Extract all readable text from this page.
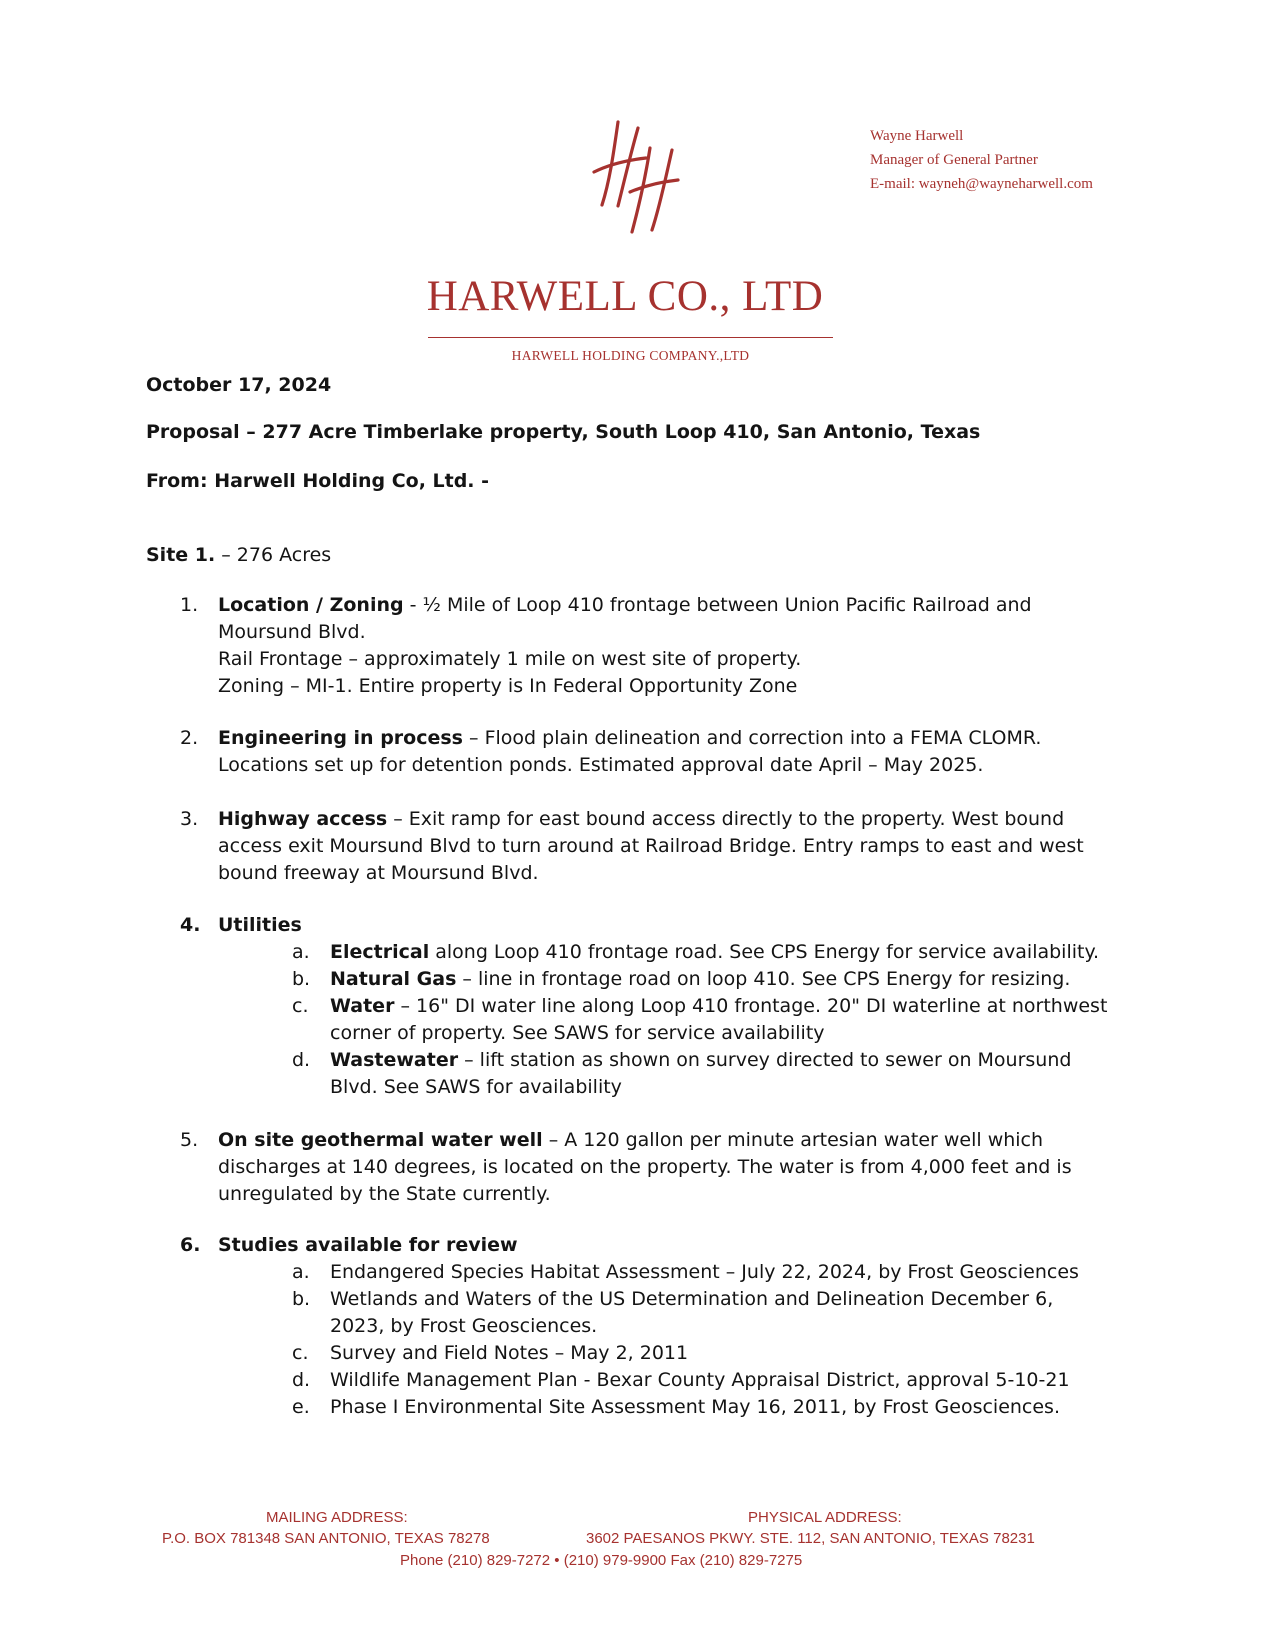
Wayne Harwell
Manager of General Partner
E-mail: wayneh@wayneharwell.com
HARWELL CO., LTD
HARWELL HOLDING COMPANY.,LTD
October 17, 2024
Proposal – 277 Acre Timberlake property, South Loop 410, San Antonio, Texas
From: Harwell Holding Co, Ltd. -
Site 1. – 276 Acres
1. Location / Zoning - ½ Mile of Loop 410 frontage between Union Pacific Railroad and
Moursund Blvd.
Rail Frontage – approximately 1 mile on west site of property.
Zoning – MI-1. Entire property is In Federal Opportunity Zone
2. Engineering in process – Flood plain delineation and correction into a FEMA CLOMR.
Locations set up for detention ponds. Estimated approval date April – May 2025.
3. Highway access – Exit ramp for east bound access directly to the property. West bound
access exit Moursund Blvd to turn around at Railroad Bridge. Entry ramps to east and west
bound freeway at Moursund Blvd.
4. Utilities
a. Electrical along Loop 410 frontage road. See CPS Energy for service availability.
b. Natural Gas – line in frontage road on loop 410. See CPS Energy for resizing.
c. Water – 16" DI water line along Loop 410 frontage. 20" DI waterline at northwest
corner of property. See SAWS for service availability
d. Wastewater – lift station as shown on survey directed to sewer on Moursund
Blvd. See SAWS for availability
5. On site geothermal water well – A 120 gallon per minute artesian water well which
discharges at 140 degrees, is located on the property. The water is from 4,000 feet and is
unregulated by the State currently.
6. Studies available for review
a. Endangered Species Habitat Assessment – July 22, 2024, by Frost Geosciences
b. Wetlands and Waters of the US Determination and Delineation December 6,
2023, by Frost Geosciences.
c. Survey and Field Notes – May 2, 2011
d. Wildlife Management Plan - Bexar County Appraisal District, approval 5-10-21
e. Phase I Environmental Site Assessment May 16, 2011, by Frost Geosciences.
MAILING ADDRESS:
P.O. BOX 781348 SAN ANTONIO, TEXAS 78278
PHYSICAL ADDRESS:
3602 PAESANOS PKWY. STE. 112, SAN ANTONIO, TEXAS 78231
Phone (210) 829-7272 • (210) 979-9900 Fax (210) 829-7275
